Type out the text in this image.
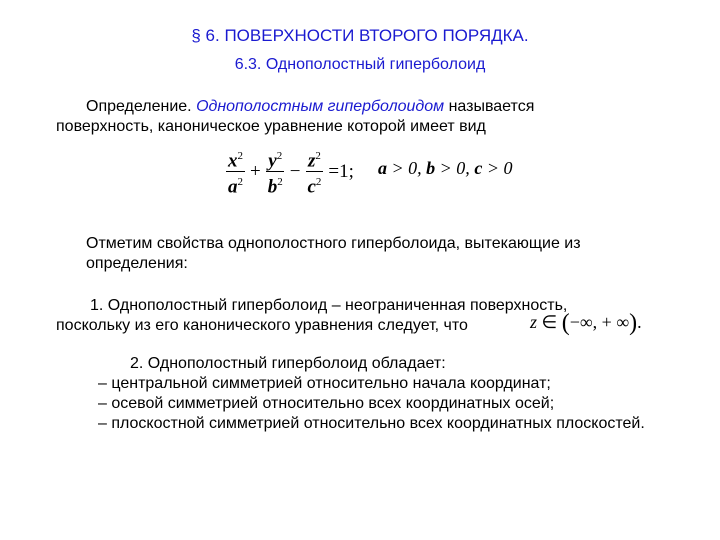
§ 6. ПОВЕРХНОСТИ ВТОРОГО ПОРЯДКА.
6.3. Однополостный гиперболоид
Определение. Однополостным гиперболоидом называется
поверхность, каноническое уравнение которой имеет вид
$\frac{x^2}{a^2} + \frac{y^2}{b^2} - \frac{z^2}{c^2} =1$; a > 0, b > 0, c > 0
Отметим свойства однополостного гиперболоида, вытекающие из
определения:
1. Однополостный гиперболоид – неограниченная поверхность,
поскольку из его канонического уравнения следует, что	z ∈ (−∞, + ∞).
2. Однополостный гиперболоид обладает:
– центральной симметрией относительно начала координат;
– осевой симметрией относительно всех координатных осей;
– плоскостной симметрией относительно всех координатных плоскостей.
